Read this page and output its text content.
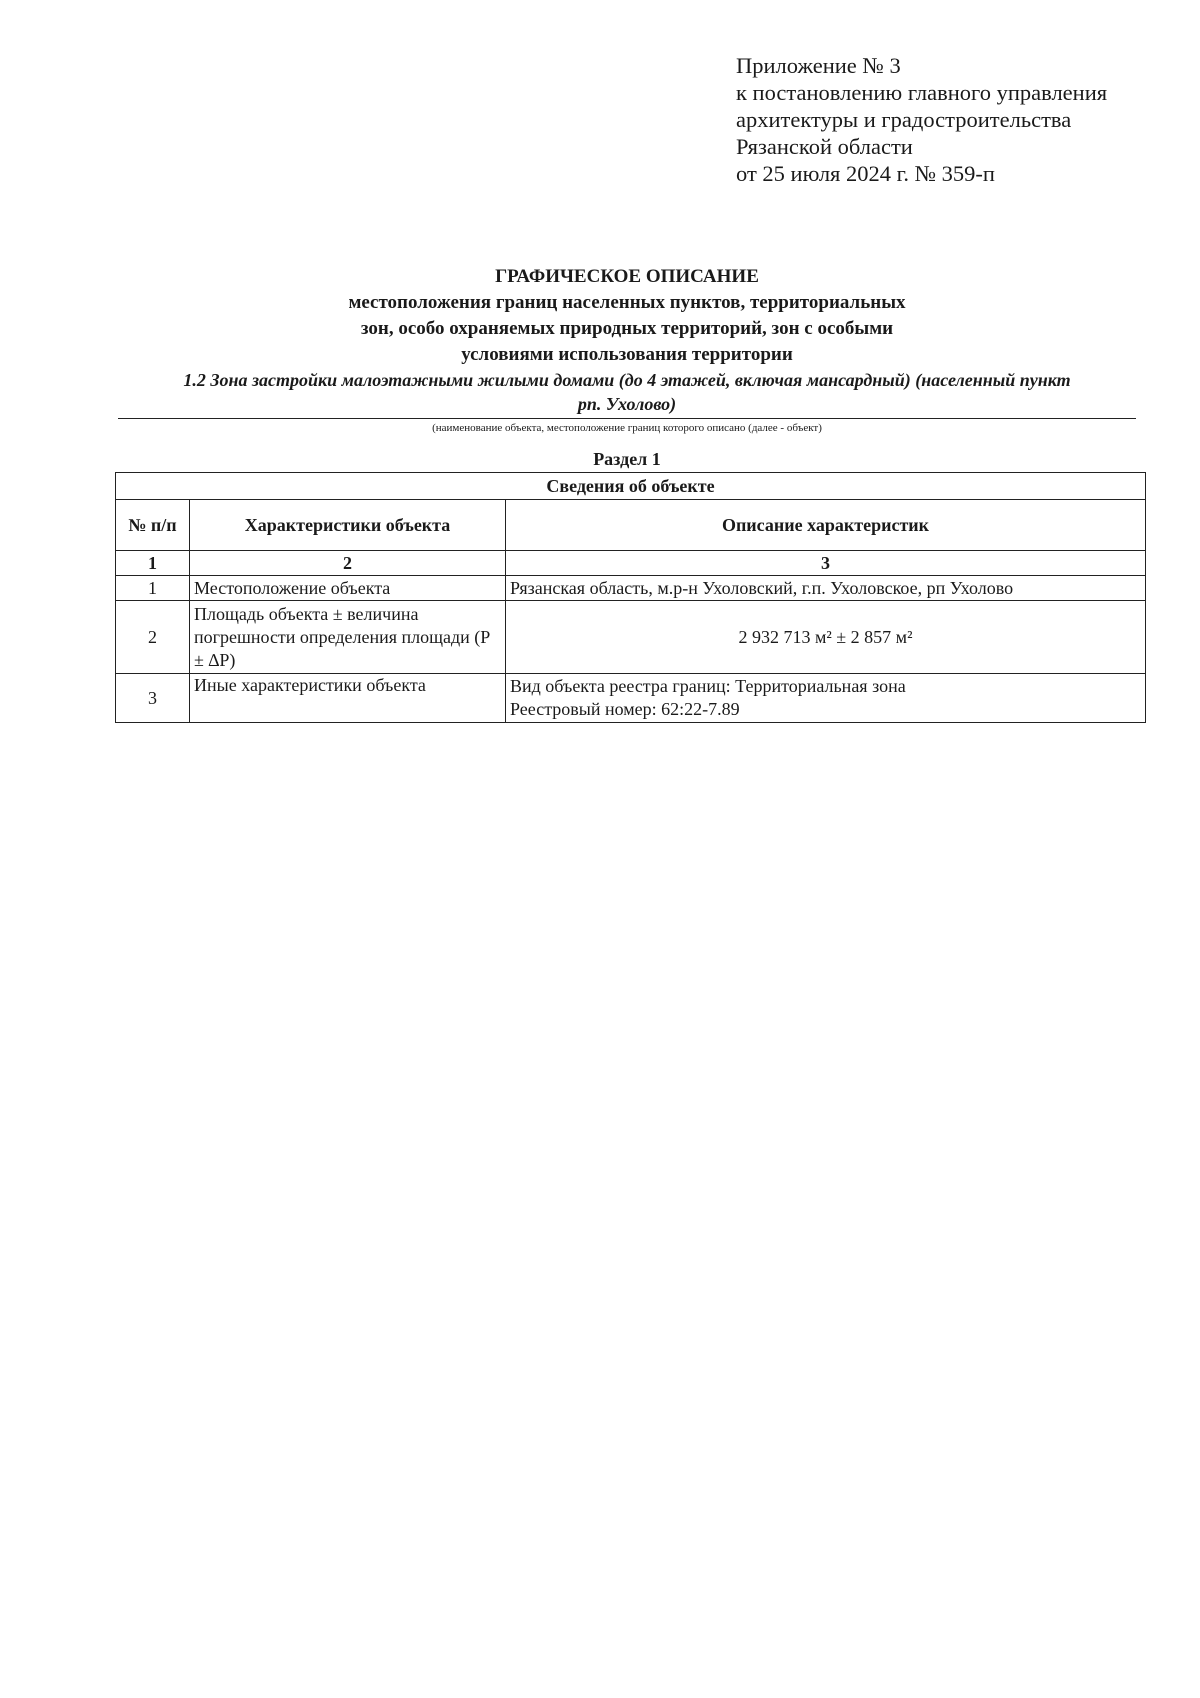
Приложение № 3
к постановлению главного управления
архитектуры и градостроительства
Рязанской области
от 25 июля 2024 г. № 359-п
ГРАФИЧЕСКОЕ ОПИСАНИЕ
местоположения границ населенных пунктов, территориальных
зон, особо охраняемых природных территорий, зон с особыми
условиями использования территории
1.2 Зона застройки малоэтажными жилыми домами (до 4 этажей, включая мансардный) (населенный пункт
рп. Ухолово)
(наименование объекта, местоположение границ которого описано (далее - объект)
Раздел 1
Сведения об объекте		
№ п/п	Характеристики объекта	Описание характеристик
1	2	3
1	Местоположение объекта	Рязанская область, м.р-н Ухоловский, г.п. Ухоловское, рп Ухолово
2	Площадь объекта ± величина погрешности определения площади (P ± ∆P)	2 932 713 м² ± 2 857 м²
3	Иные характеристики объекта	Вид объекта реестра границ: Территориальная зона
Реестровый номер: 62:22-7.89
